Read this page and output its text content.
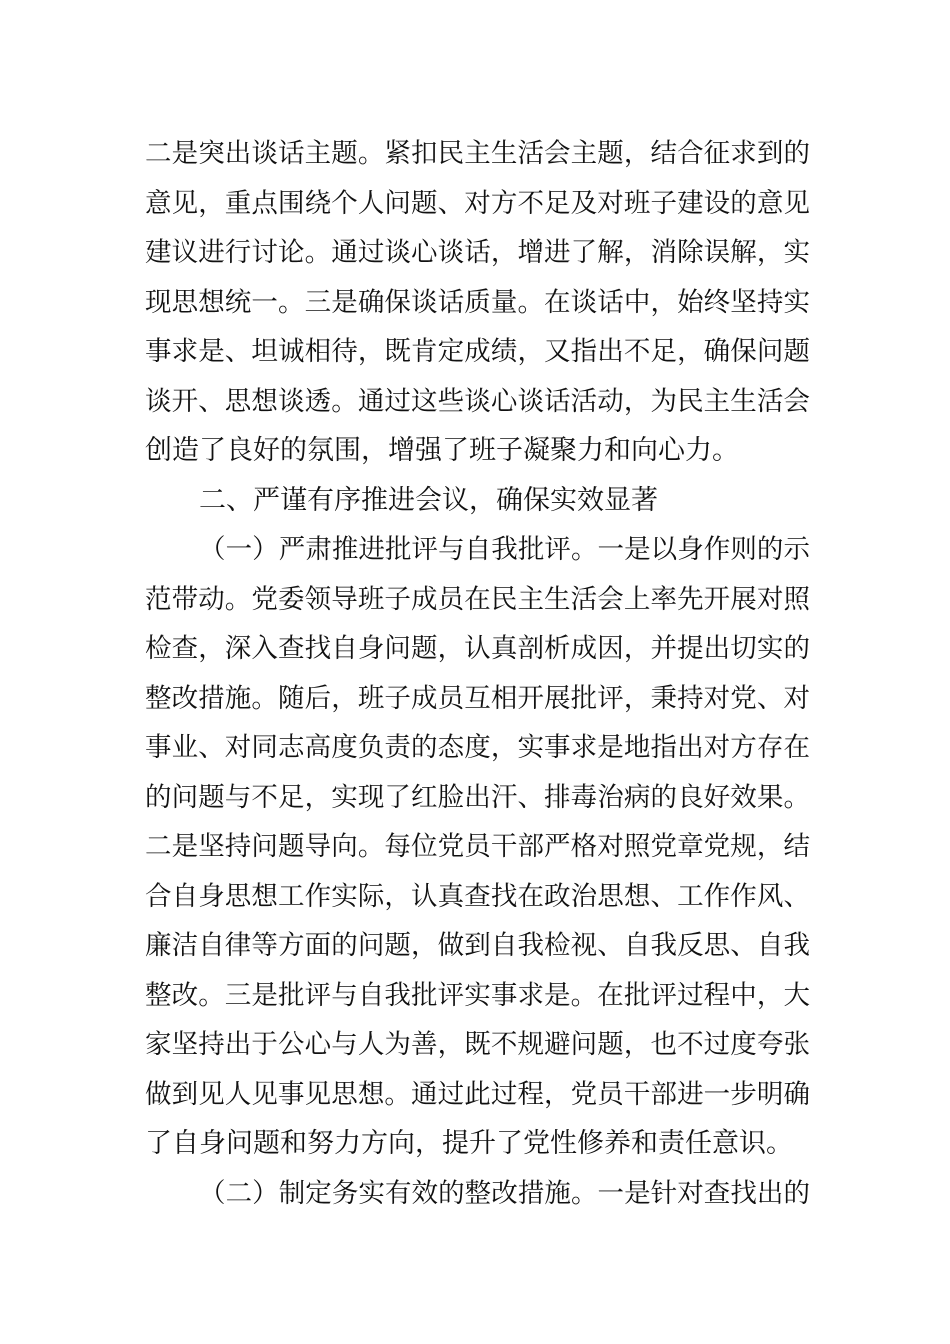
二是突出谈话主题。紧扣民主生活会主题，结合征求到的
意见，重点围绕个人问题、对方不足及对班子建设的意见
建议进行讨论。通过谈心谈话，增进了解，消除误解，实
现思想统一。三是确保谈话质量。在谈话中，始终坚持实
事求是、坦诚相待，既肯定成绩，又指出不足，确保问题
谈开、思想谈透。通过这些谈心谈话活动，为民主生活会
创造了良好的氛围，增强了班子凝聚力和向心力。
二、严谨有序推进会议，确保实效显著
（一）严肃推进批评与自我批评。一是以身作则的示
范带动。党委领导班子成员在民主生活会上率先开展对照
检查，深入查找自身问题，认真剖析成因，并提出切实的
整改措施。随后，班子成员互相开展批评，秉持对党、对
事业、对同志高度负责的态度，实事求是地指出对方存在
的问题与不足，实现了红脸出汗、排毒治病的良好效果。
二是坚持问题导向。每位党员干部严格对照党章党规，结
合自身思想工作实际，认真查找在政治思想、工作作风、
廉洁自律等方面的问题，做到自我检视、自我反思、自我
整改。三是批评与自我批评实事求是。在批评过程中，大
家坚持出于公心与人为善，既不规避问题，也不过度夸张
做到见人见事见思想。通过此过程，党员干部进一步明确
了自身问题和努力方向，提升了党性修养和责任意识。
（二）制定务实有效的整改措施。一是针对查找出的
